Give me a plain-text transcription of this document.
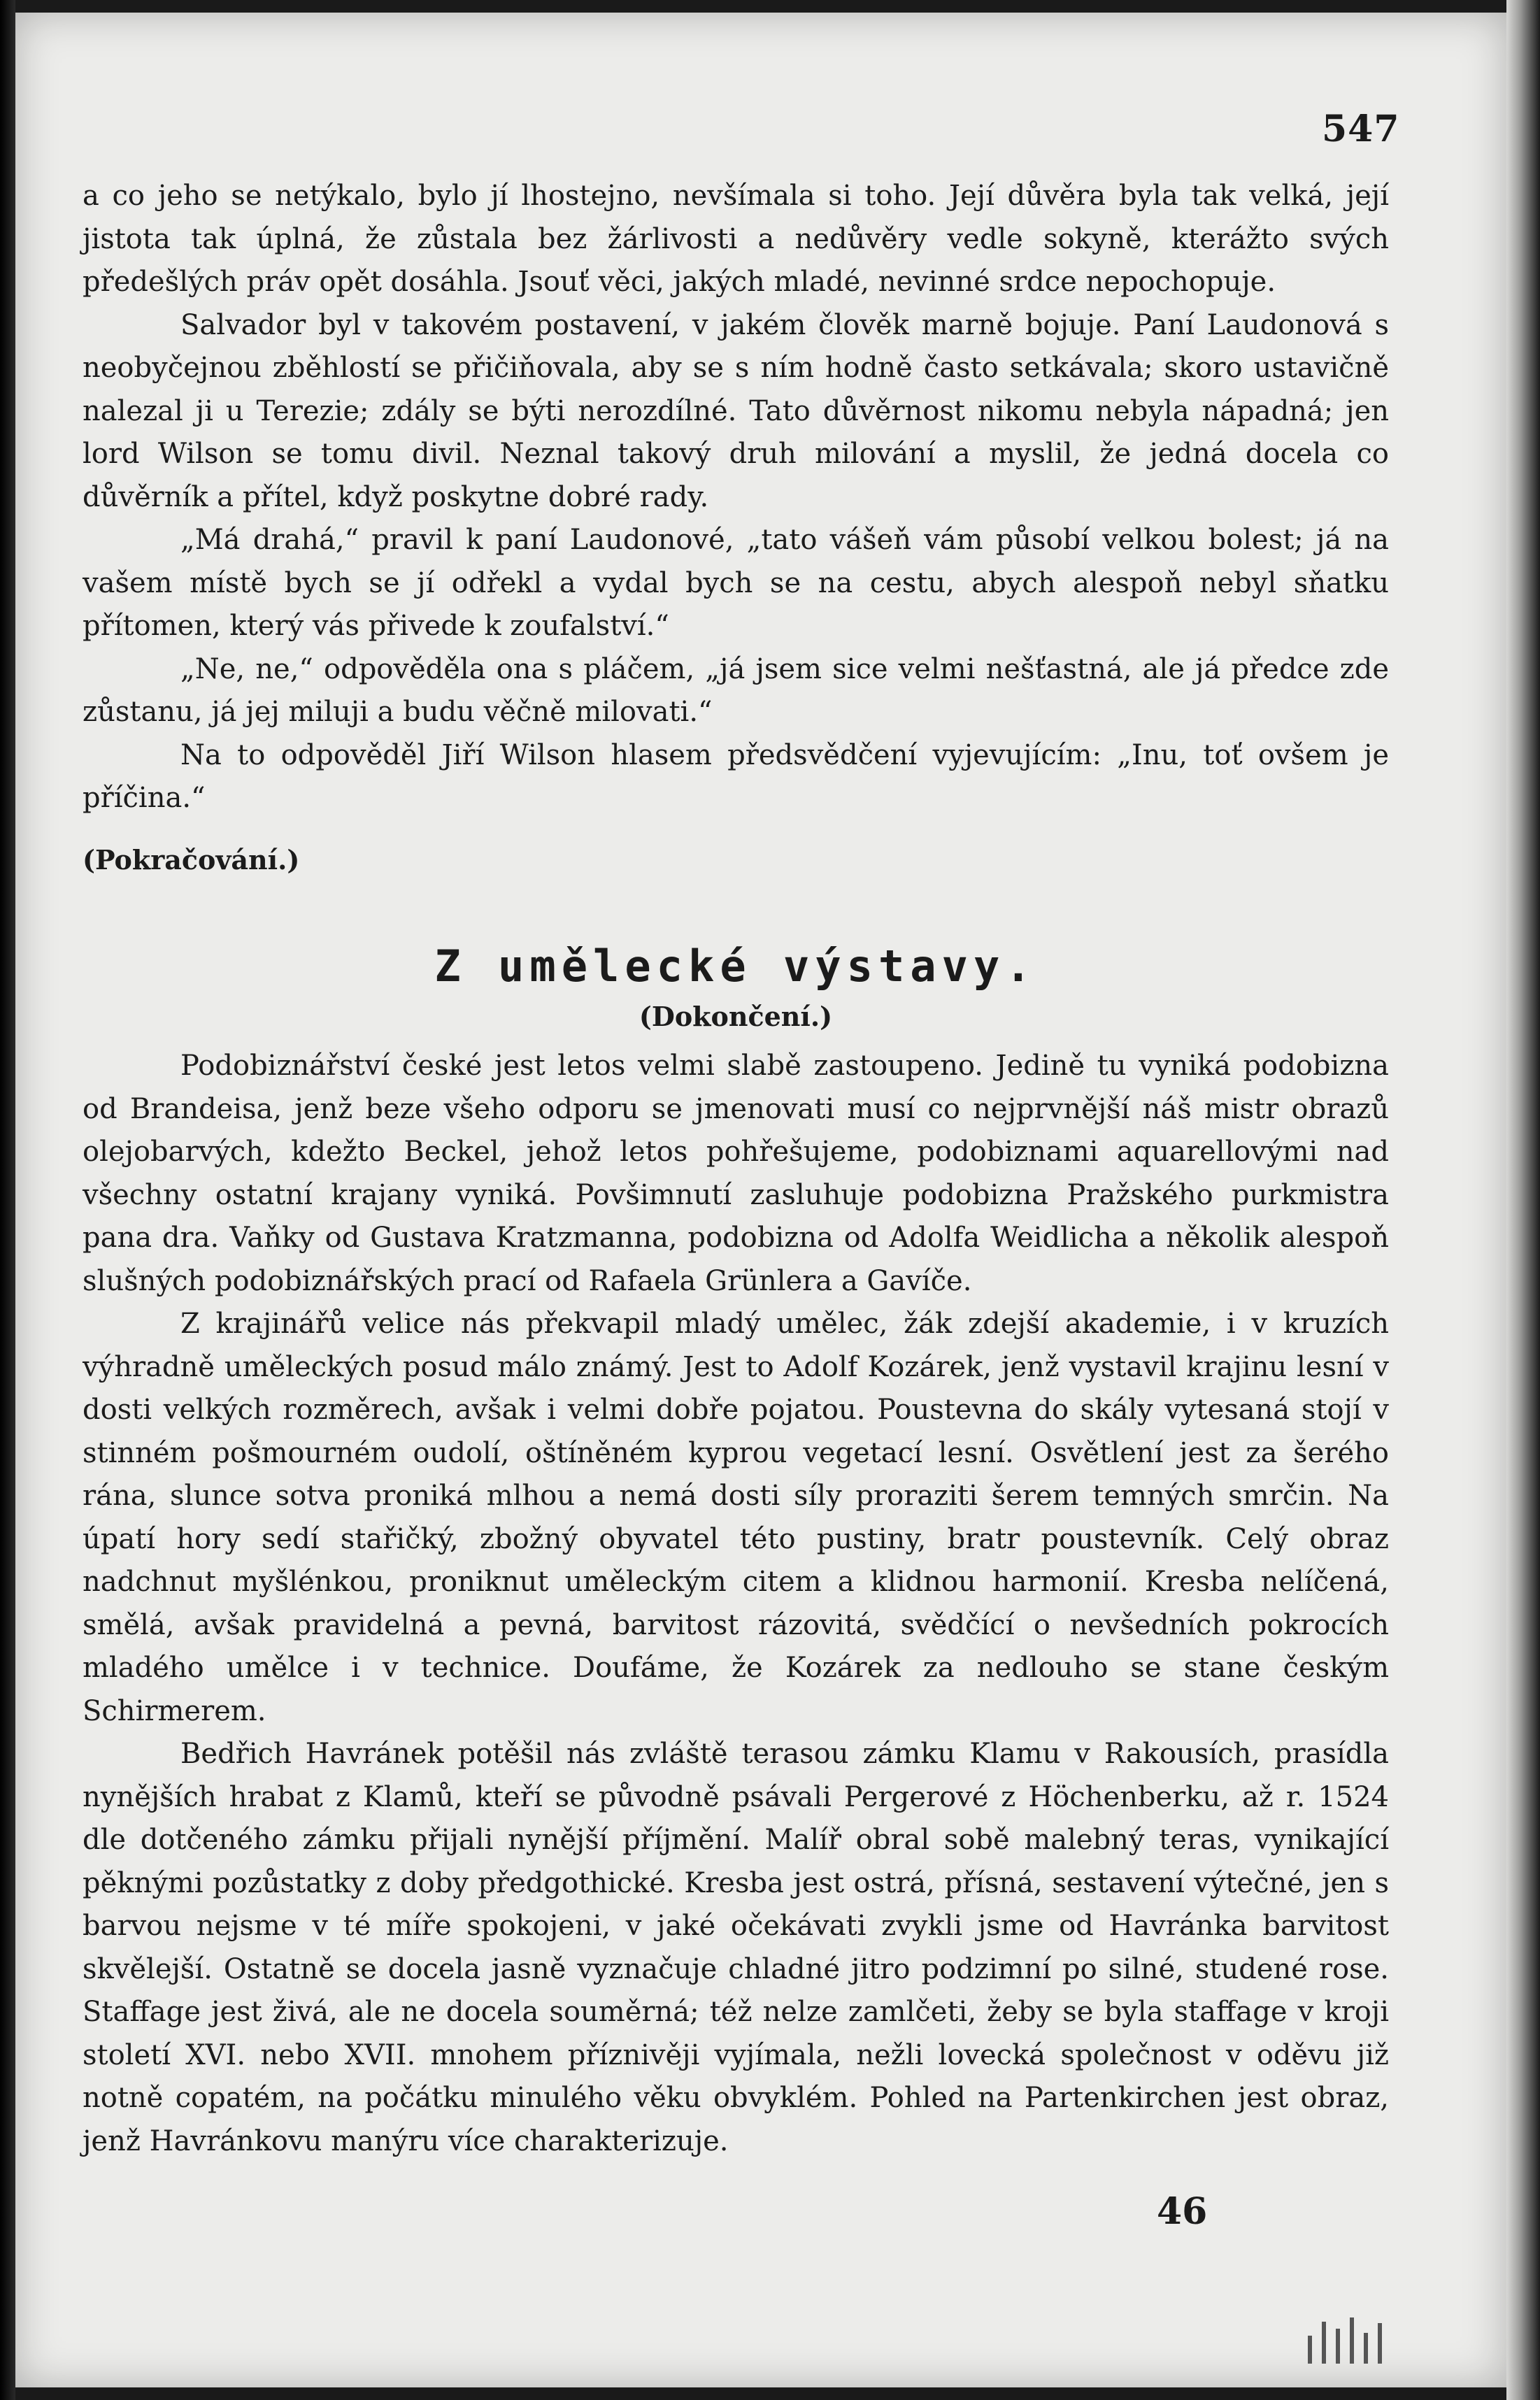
547

a co jeho se netýkalo, bylo jí lhostejno, nevšímala si toho. Její důvěra byla tak velká, její jistota tak úplná, že zůstala bez žárlivosti a nedůvěry vedle sokyně, kterážto svých předešlých práv opět dosáhla. Jsouť věci, jakých mladé, nevinné srdce nepochopuje.

Salvador byl v takovém postavení, v jakém člověk marně bojuje. Paní Laudonová s neobyčejnou zběhlostí se přičiňovala, aby se s ním hodně často setkávala; skoro ustavičně nalezal ji u Terezie; zdály se býti nerozdílné. Tato důvěrnost nikomu nebyla nápadná; jen lord Wilson se tomu divil. Neznal takový druh milování a myslil, že jedná docela co důvěrník a přítel, když poskytne dobré rady.

„Má drahá,“ pravil k paní Laudonové, „tato vášeň vám působí velkou bolest; já na vašem místě bych se jí odřekl a vydal bych se na cestu, abych alespoň nebyl sňatku přítomen, který vás přivede k zoufalství.“

„Ne, ne,“ odpověděla ona s pláčem, „já jsem sice velmi nešťastná, ale já předce zde zůstanu, já jej miluji a budu věčně milovati.“

Na to odpověděl Jiří Wilson hlasem předsvědčení vyjevujícím: „Inu, toť ovšem je příčina.“

(Pokračování.)

Z umělecké výstavy.
(Dokončení.)

Podobiznářství české jest letos velmi slabě zastoupeno. Jedině tu vyniká podobizna od Brandeisa, jenž beze všeho odporu se jmenovati musí co nejprvnější náš mistr obrazů olejobarvých, kdežto Beckel, jehož letos pohřešujeme, podobiznami aquarellovými nad všechny ostatní krajany vyniká. Povšimnutí zasluhuje podobizna Pražského purkmistra pana dra. Vaňky od Gustava Kratzmanna, podobizna od Adolfa Weidlicha a několik alespoň slušných podobiznářských prací od Rafaela Grünlera a Gavíče.

Z krajinářů velice nás překvapil mladý umělec, žák zdejší akademie, i v kruzích výhradně uměleckých posud málo známý. Jest to Adolf Kozárek, jenž vystavil krajinu lesní v dosti velkých rozměrech, avšak i velmi dobře pojatou. Poustevna do skály vytesaná stojí v stinném pošmourném oudolí, oštíněném kyprou vegetací lesní. Osvětlení jest za šerého rána, slunce sotva proniká mlhou a nemá dosti síly proraziti šerem temných smrčin. Na úpatí hory sedí stařičký, zbožný obyvatel této pustiny, bratr poustevník. Celý obraz nadchnut myšlénkou, proniknut uměleckým citem a klidnou harmonií. Kresba nelíčená, smělá, avšak pravidelná a pevná, barvitost rázovitá, svědčící o nevšedních pokrocích mladého umělce i v technice. Doufáme, že Kozárek za nedlouho se stane českým Schirmerem.

Bedřich Havránek potěšil nás zvláště terasou zámku Klamu v Rakousích, prasídla nynějších hrabat z Klamů, kteří se původně psávali Pergerové z Höchenberku, až r. 1524 dle dotčeného zámku přijali nynější příjmění. Malíř obral sobě malebný teras, vynikající pěknými pozůstatky z doby předgothické. Kresba jest ostrá, přísná, sestavení výtečné, jen s barvou nejsme v té míře spokojeni, v jaké očekávati zvykli jsme od Havránka barvitost skvělejší. Ostatně se docela jasně vyznačuje chladné jitro podzimní po silné, studené rose. Staffage jest živá, ale ne docela souměrná; též nelze zamlčeti, žeby se byla staffage v kroji století XVI. nebo XVII. mnohem příznivěji vyjímala, nežli lovecká společnost v oděvu již notně copatém, na počátku minulého věku obvyklém. Pohled na Partenkirchen jest obraz, jenž Havránkovu manýru více charakterizuje.

46
